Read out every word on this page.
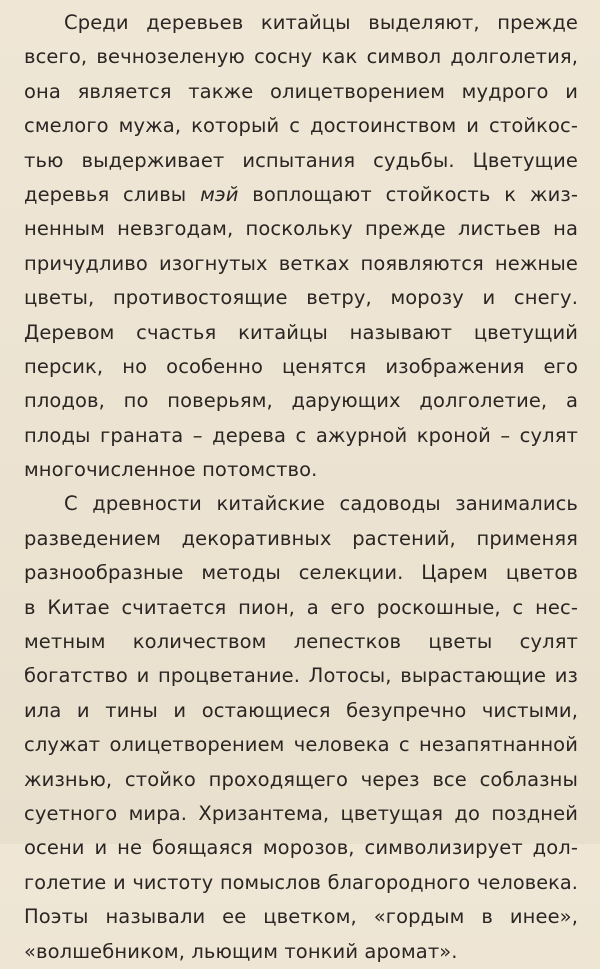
Среди деревьев китайцы выделяют, прежде
всего, вечнозеленую сосну как символ долголетия,
она является также олицетворением мудрого и
смелого мужа, который с достоинством и стойкос-
тью выдерживает испытания судьбы. Цветущие
деревья сливы мэй воплощают стойкость к жиз-
ненным невзгодам, поскольку прежде листьев на
причудливо изогнутых ветках появляются нежные
цветы, противостоящие ветру, морозу и снегу.
Деревом счастья китайцы называют цветущий
персик, но особенно ценятся изображения его
плодов, по поверьям, дарующих долголетие, а
плоды граната – дерева с ажурной кроной – сулят
многочисленное потомство.
С древности китайские садоводы занимались
разведением декоративных растений, применяя
разнообразные методы селекции. Царем цветов
в Китае считается пион, а его роскошные, с нес-
метным количеством лепестков цветы сулят
богатство и процветание. Лотосы, вырастающие из
ила и тины и остающиеся безупречно чистыми,
служат олицетворением человека с незапятнанной
жизнью, стойко проходящего через все соблазны
суетного мира. Хризантема, цветущая до поздней
осени и не боящаяся морозов, символизирует дол-
голетие и чистоту помыслов благородного человека.
Поэты называли ее цветком, «гордым в инее»,
«волшебником, льющим тонкий аромат».
